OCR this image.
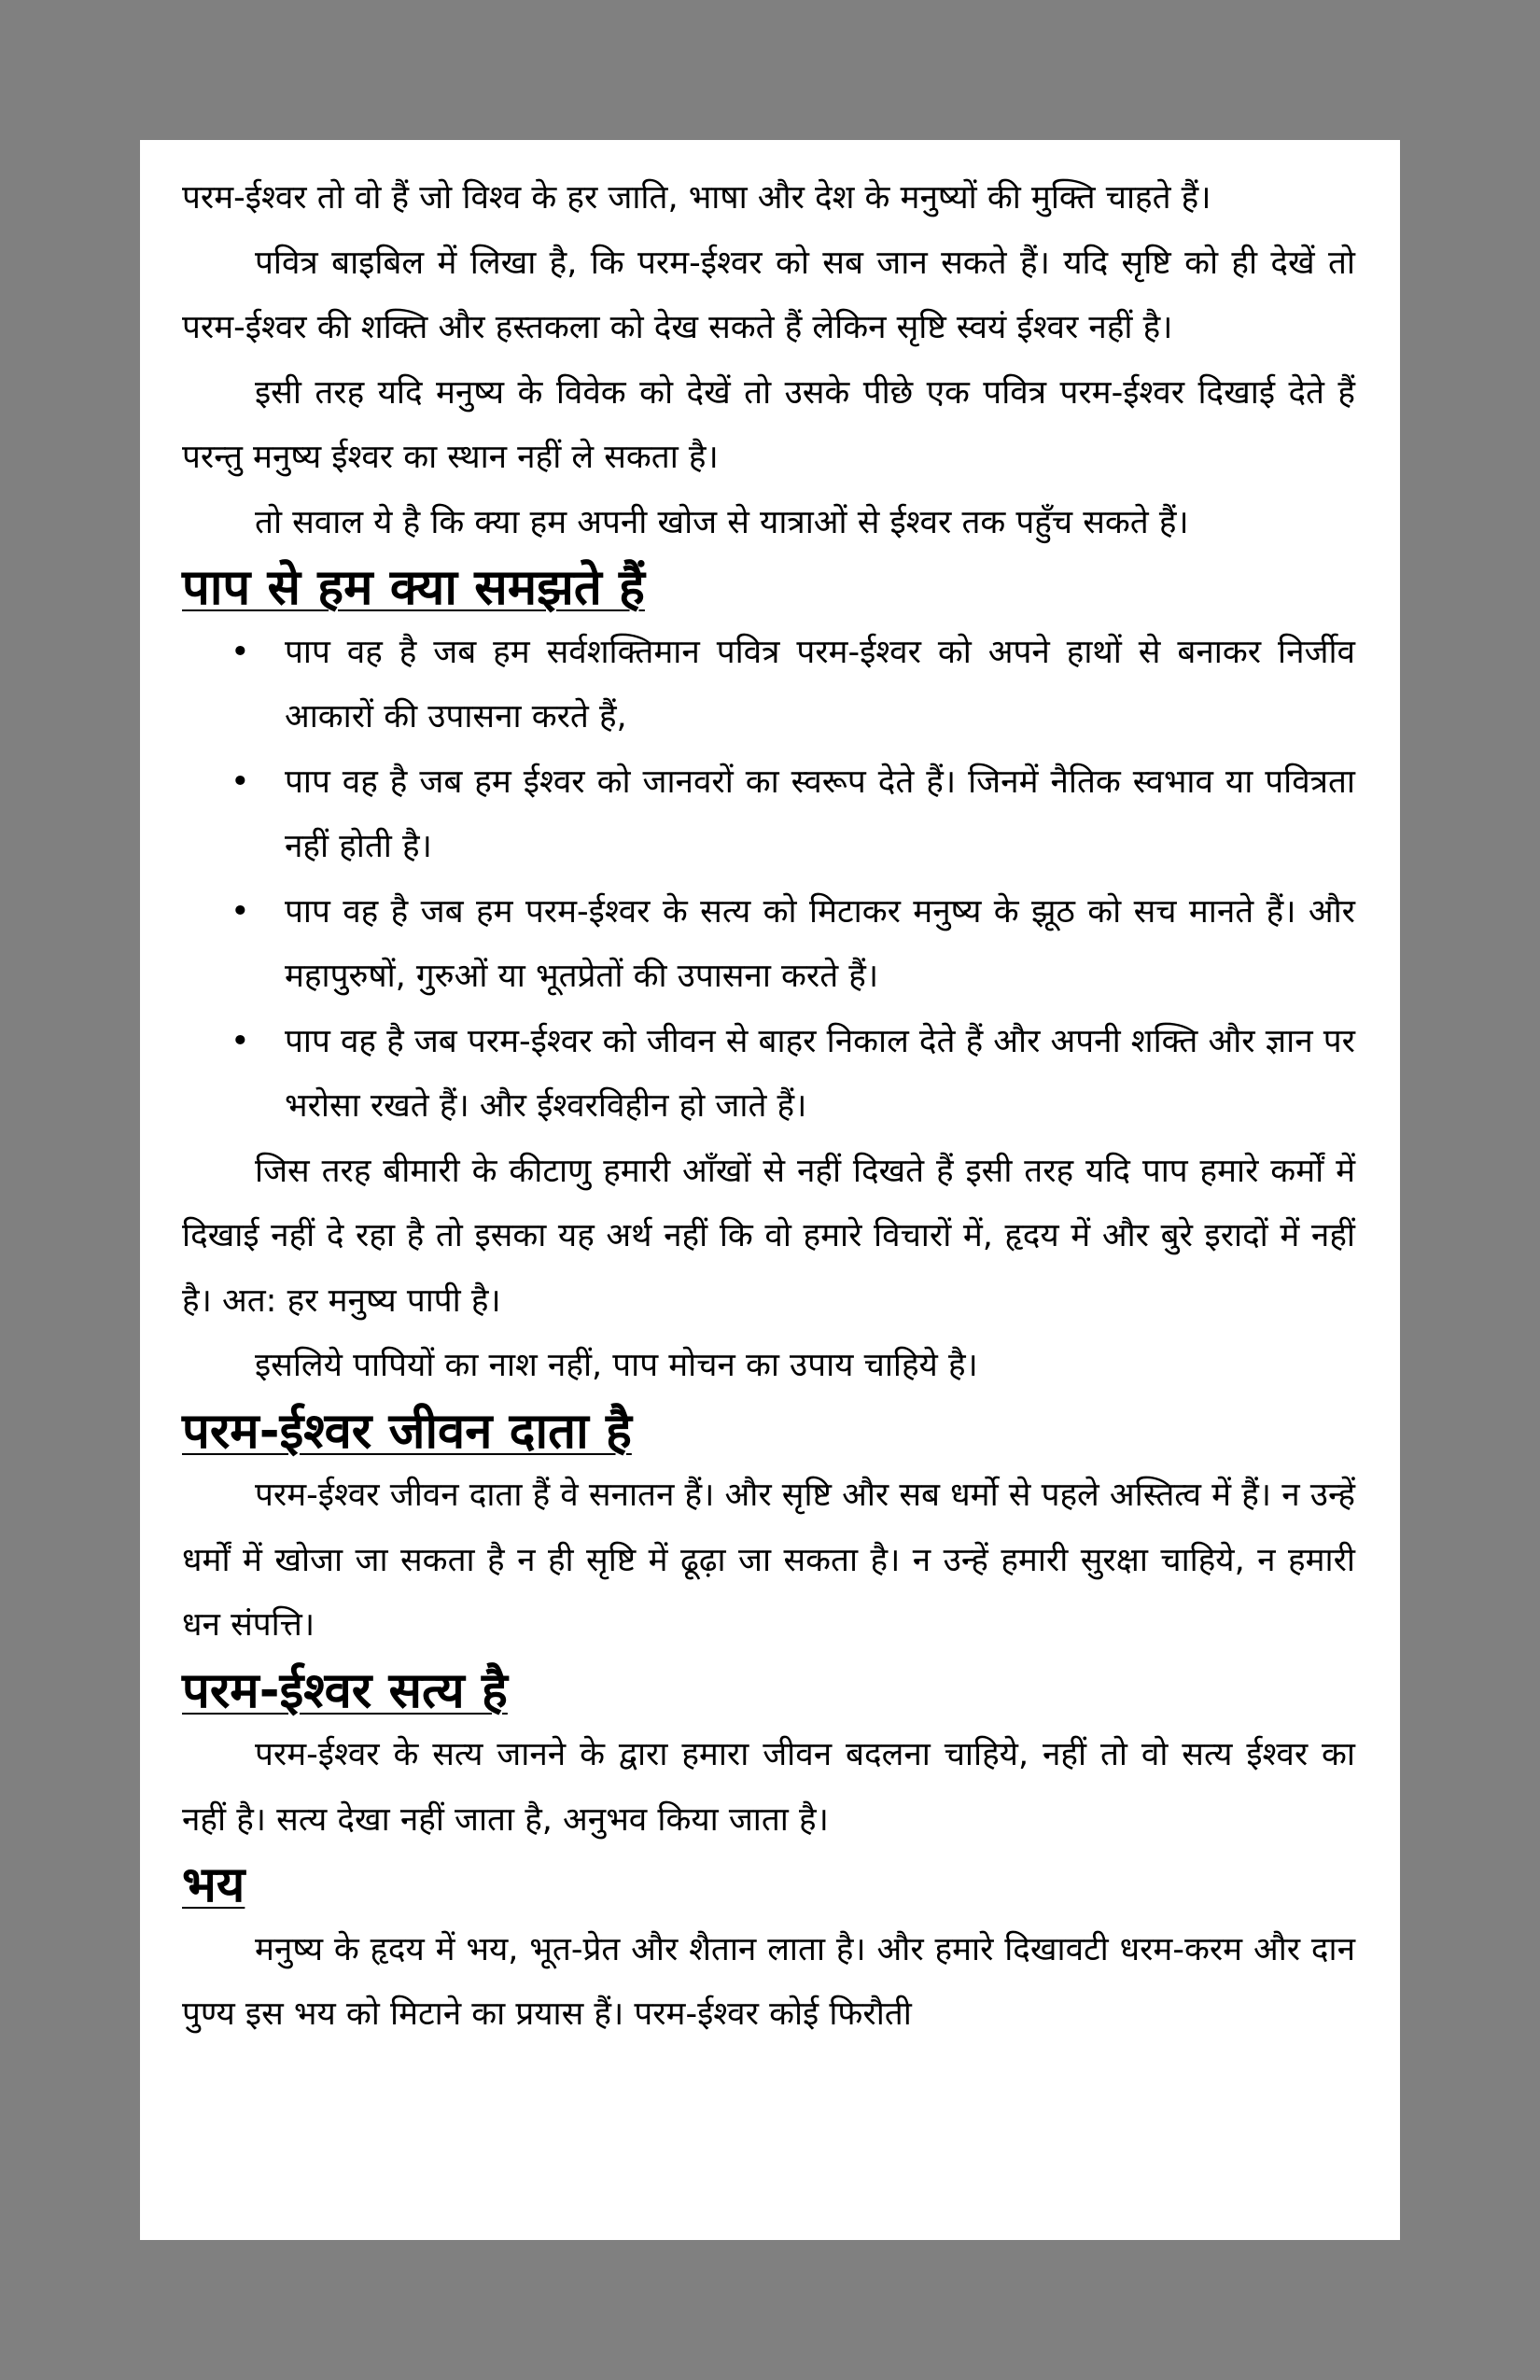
परम-ईश्वर तो वो हैं जो विश्व के हर जाति, भाषा और देश के मनुष्यों की मुक्ति चाहते हैं।

पवित्र बाइबिल में लिखा है, कि परम-ईश्वर को सब जान सकते हैं। यदि सृष्टि को ही देखें तो परम-ईश्वर की शक्ति और हस्तकला को देख सकते हैं लेकिन सृष्टि स्वयं ईश्वर नहीं है।

इसी तरह यदि मनुष्य के विवेक को देखें तो उसके पीछे एक पवित्र परम-ईश्वर दिखाई देते हैं परन्तु मनुष्य ईश्वर का स्थान नहीं ले सकता है।

तो सवाल ये है कि क्या हम अपनी खोज से यात्राओं से ईश्वर तक पहुँच सकते हैं।

पाप से हम क्या समझते हैं
• पाप वह है जब हम सर्वशक्तिमान पवित्र परम-ईश्वर को अपने हाथों से बनाकर निर्जीव आकारों की उपासना करते हैं,
• पाप वह है जब हम ईश्वर को जानवरों का स्वरूप देते हैं। जिनमें नैतिक स्वभाव या पवित्रता नहीं होती है।
• पाप वह है जब हम परम-ईश्वर के सत्य को मिटाकर मनुष्य के झूठ को सच मानते हैं। और महापुरुषों, गुरुओं या भूतप्रेतों की उपासना करते हैं।
• पाप वह है जब परम-ईश्वर को जीवन से बाहर निकाल देते हैं और अपनी शक्ति और ज्ञान पर भरोसा रखते हैं। और ईश्वरविहीन हो जाते हैं।

जिस तरह बीमारी के कीटाणु हमारी आँखों से नहीं दिखते हैं इसी तरह यदि पाप हमारे कर्मों में दिखाई नहीं दे रहा है तो इसका यह अर्थ नहीं कि वो हमारे विचारों में, हृदय में और बुरे इरादों में नहीं है। अत: हर मनुष्य पापी है।

इसलिये पापियों का नाश नहीं, पाप मोचन का उपाय चाहिये है।

परम-ईश्वर जीवन दाता है

परम-ईश्वर जीवन दाता हैं वे सनातन हैं। और सृष्टि और सब धर्मो से पहले अस्तित्व में हैं। न उन्हें धर्मों में खोजा जा सकता है न ही सृष्टि में ढूढ़ा जा सकता है। न उन्हें हमारी सुरक्षा चाहिये, न हमारी धन संपत्ति।

परम-ईश्वर सत्य है

परम-ईश्वर के सत्य जानने के द्वारा हमारा जीवन बदलना चाहिये, नहीं तो वो सत्य ईश्वर का नहीं है। सत्य देखा नहीं जाता है, अनुभव किया जाता है।

भय

मनुष्य के हृदय में भय, भूत-प्रेत और शैतान लाता है। और हमारे दिखावटी धरम-करम और दान पुण्य इस भय को मिटाने का प्रयास हैं। परम-ईश्वर कोई फिरौती
